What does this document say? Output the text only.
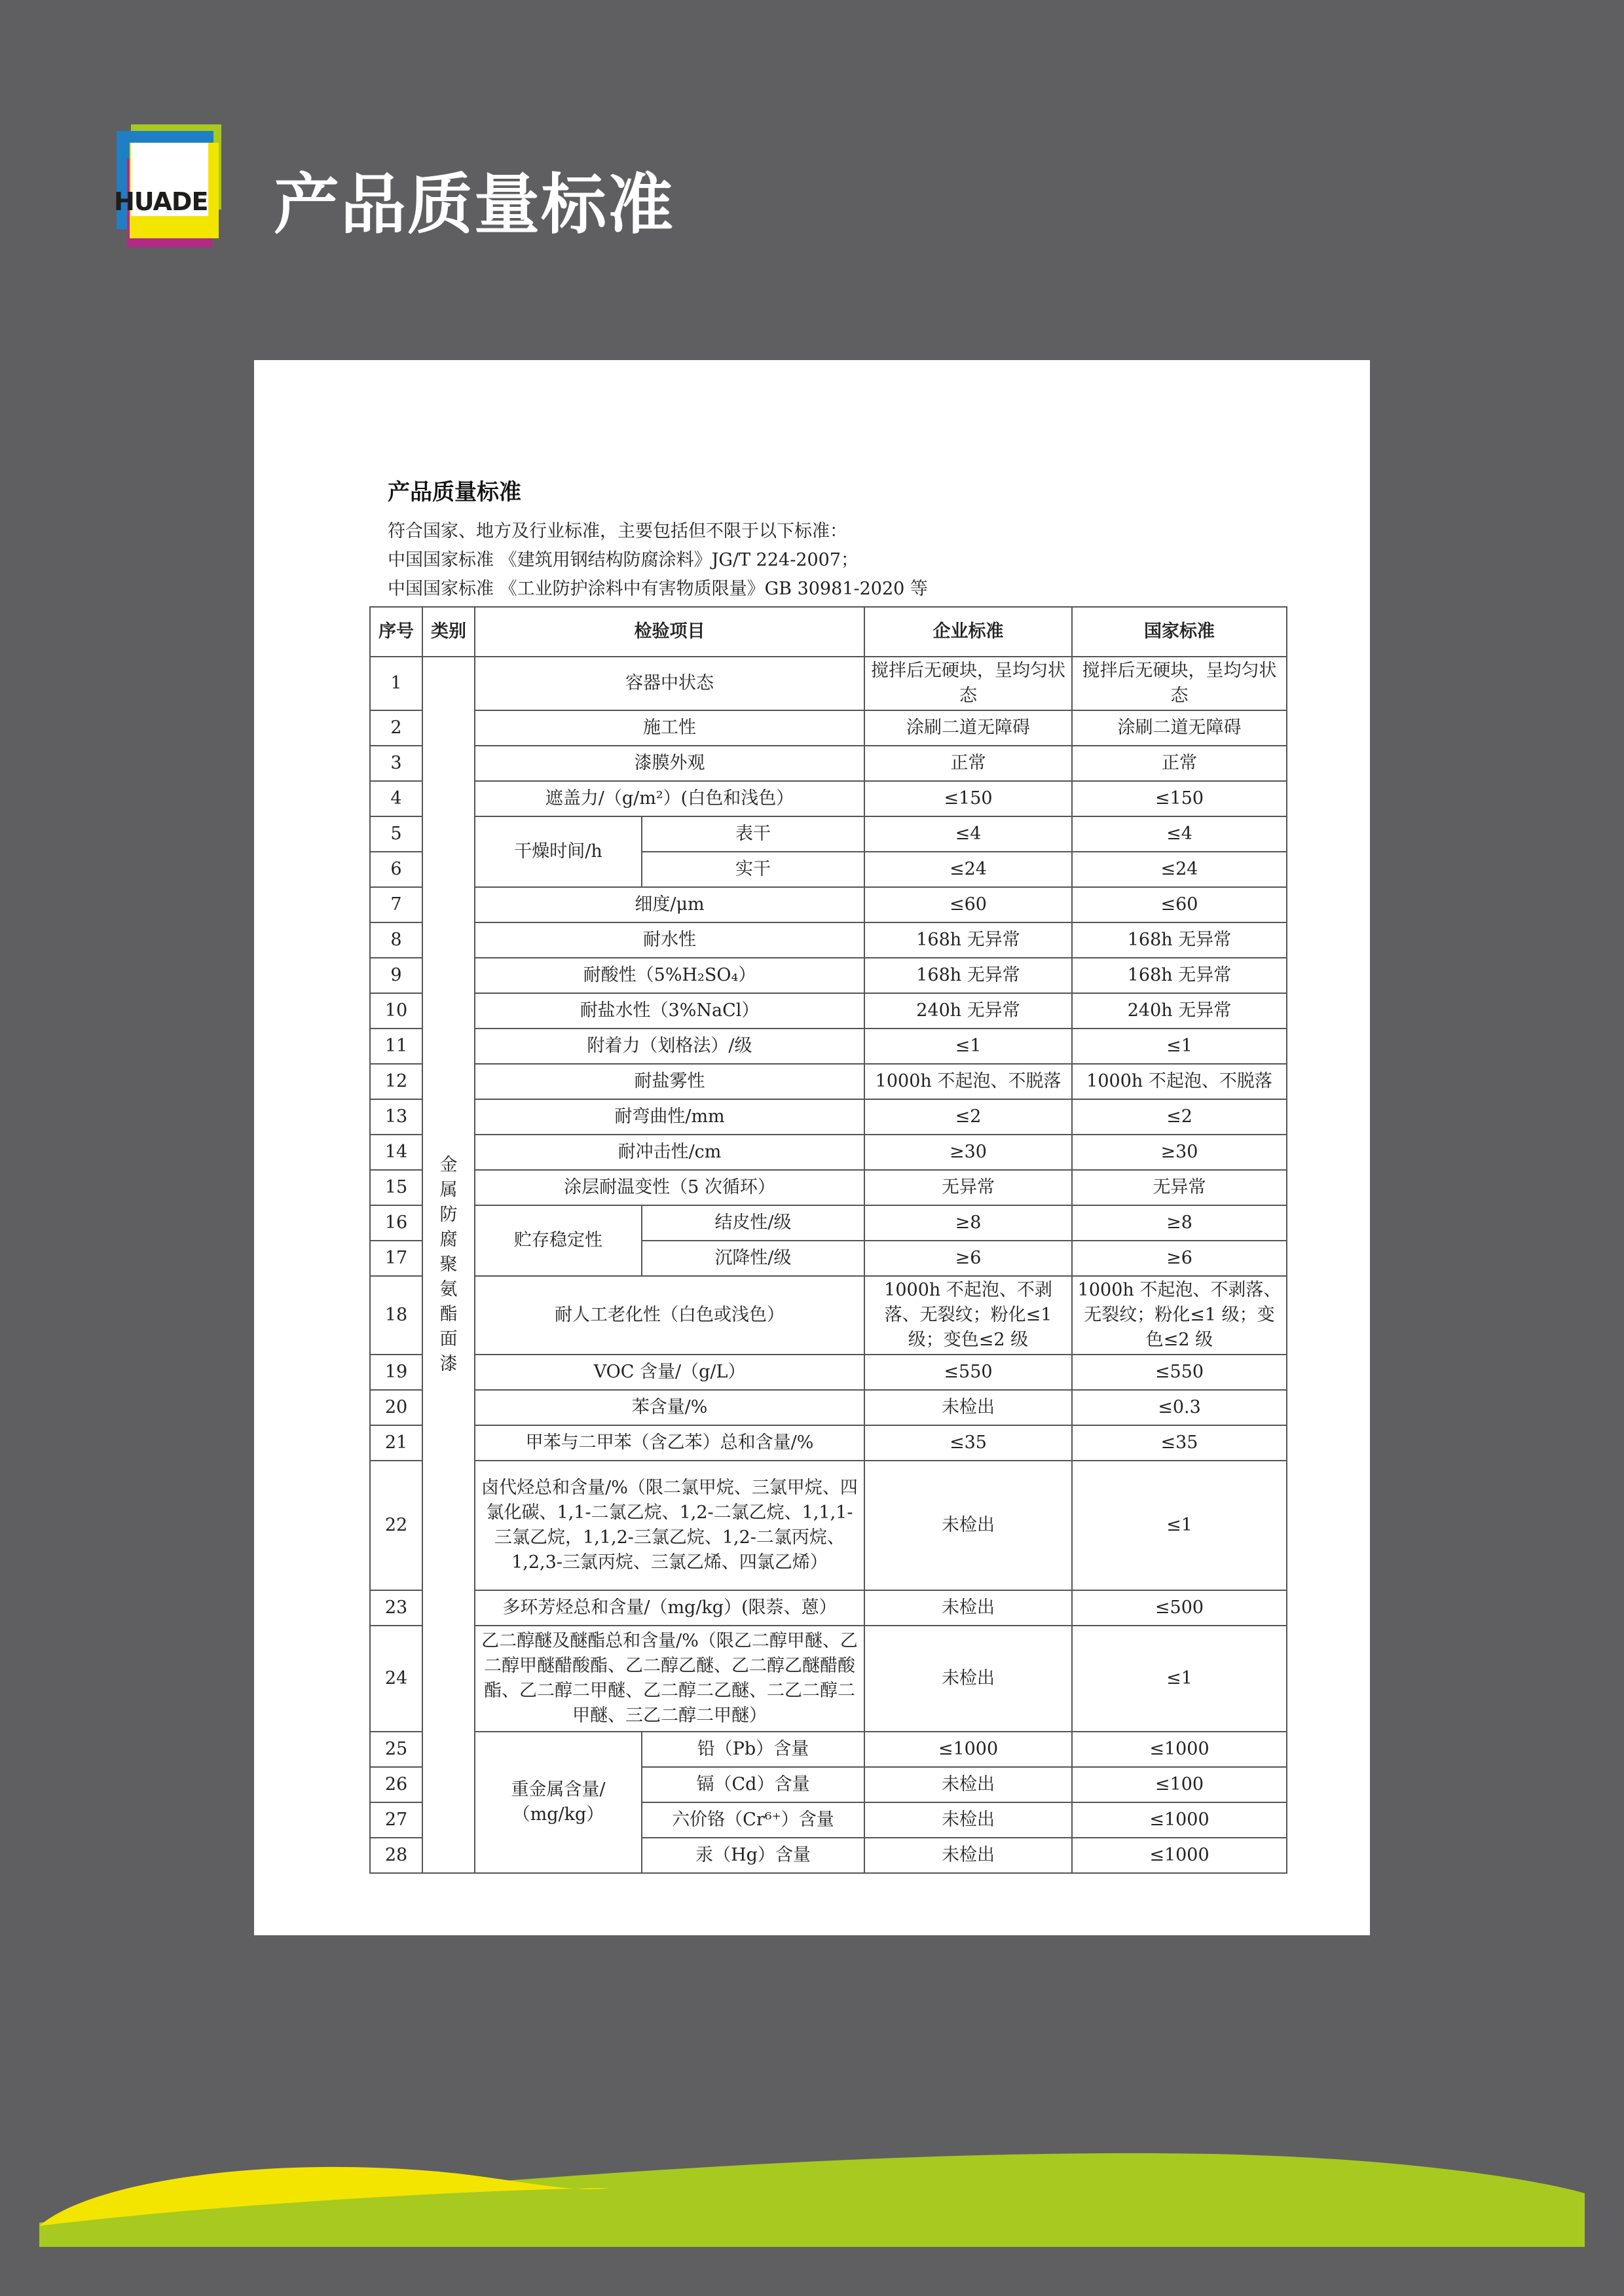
HUADE 产品质量标准
产品质量标准
符合国家、地方及行业标准，主要包括但不限于以下标准：
中国国家标准 《建筑用钢结构防腐涂料》JG/T 224-2007；
中国国家标准 《工业防护涂料中有害物质限量》GB 30981-2020 等
序号	类别	检验项目		企业标准	国家标准
1	金属防腐聚氨酯面漆	容器中状态		搅拌后无硬块，呈均匀状态	搅拌后无硬块，呈均匀状态
2		施工性		涂刷二道无障碍	涂刷二道无障碍
3		漆膜外观		正常	正常
4		遮盖力/（g/m²）(白色和浅色）		≤150	≤150
5		干燥时间/h	表干	≤4	≤4
6			实干	≤24	≤24
7		细度/μm		≤60	≤60
8		耐水性		168h 无异常	168h 无异常
9		耐酸性（5%H₂SO₄）		168h 无异常	168h 无异常
10		耐盐水性（3%NaCl）		240h 无异常	240h 无异常
11		附着力（划格法）/级		≤1	≤1
12		耐盐雾性		1000h 不起泡、不脱落	1000h 不起泡、不脱落
13		耐弯曲性/mm		≤2	≤2
14		耐冲击性/cm		≥30	≥30
15		涂层耐温变性（5 次循环）		无异常	无异常
16		贮存稳定性	结皮性/级	≥8	≥8
17			沉降性/级	≥6	≥6
18		耐人工老化性（白色或浅色）		1000h 不起泡、不剥落、无裂纹；粉化≤1 级；变色≤2 级	1000h 不起泡、不剥落、无裂纹；粉化≤1 级；变色≤2 级
19		VOC 含量/（g/L）		≤550	≤550
20		苯含量/%		未检出	≤0.3
21		甲苯与二甲苯（含乙苯）总和含量/%		≤35	≤35
22		卤代烃总和含量/%（限二氯甲烷、三氯甲烷、四氯化碳、1,1-二氯乙烷、1,2-二氯乙烷、1,1,1-三氯乙烷，1,1,2-三氯乙烷、1,2-二氯丙烷、1,2,3-三氯丙烷、三氯乙烯、四氯乙烯）		未检出	≤1
23		多环芳烃总和含量/（mg/kg）(限萘、蒽）		未检出	≤500
24		乙二醇醚及醚酯总和含量/%（限乙二醇甲醚、乙二醇甲醚醋酸酯、乙二醇乙醚、乙二醇乙醚醋酸酯、乙二醇二甲醚、乙二醇二乙醚、二乙二醇二甲醚、三乙二醇二甲醚）		未检出	≤1
25		重金属含量/（mg/kg）	铅（Pb）含量	≤1000	≤1000
26			镉（Cd）含量	未检出	≤100
27			六价铬（Cr⁶⁺）含量	未检出	≤1000
28			汞（Hg）含量	未检出	≤1000
